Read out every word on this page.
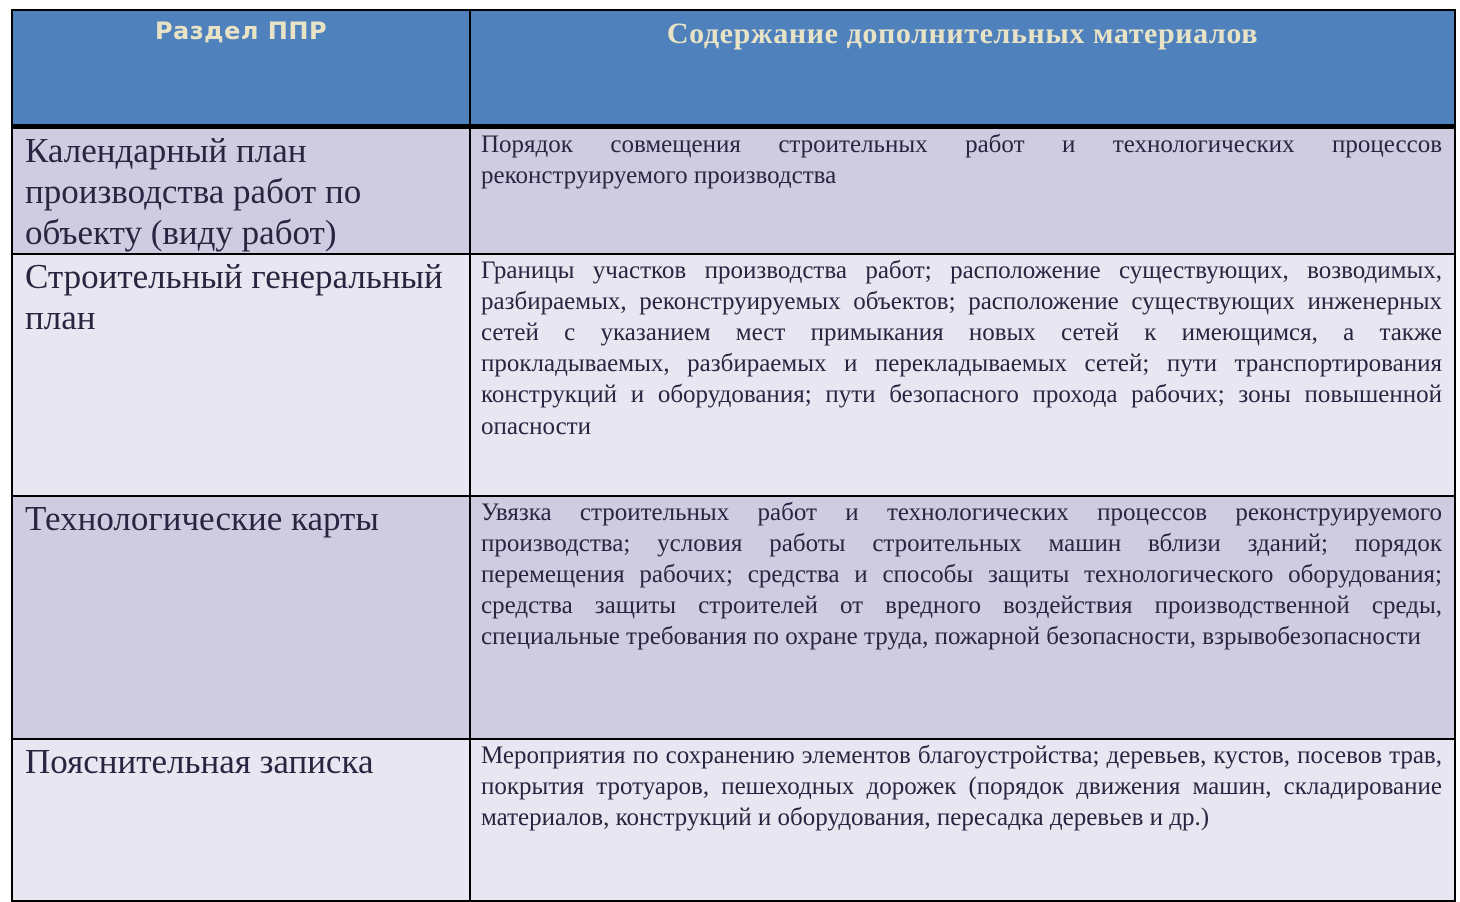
Раздел ППР	Содержание дополнительных материалов
Календарный план производства работ по объекту (виду работ)	Порядок совмещения строительных работ и технологических процессов реконструируемого производства
Строительный генеральный план	Границы участков производства работ; расположение существующих, возводимых, разбираемых, реконструируемых объектов; расположение существующих инженерных сетей с указанием мест примыкания новых сетей к имеющимся, а также прокладываемых, разбираемых и перекладываемых сетей; пути транспортирования конструкций и оборудования; пути безопасного прохода рабочих; зоны повышенной опасности
Технологические карты	Увязка строительных работ и технологических процессов реконструируемого производства; условия работы строительных машин вблизи зданий; порядок перемещения рабочих; средства и способы защиты технологического оборудования; средства защиты строителей от вредного воздействия производственной среды, специальные требования по охране труда, пожарной безопасности, взрывобезопасности
Пояснительная записка	Мероприятия по сохранению элементов благоустройства; деревьев, кустов, посевов трав, покрытия тротуаров, пешеходных дорожек (порядок движения машин, складирование материалов, конструкций и оборудования, пересадка деревьев и др.)
